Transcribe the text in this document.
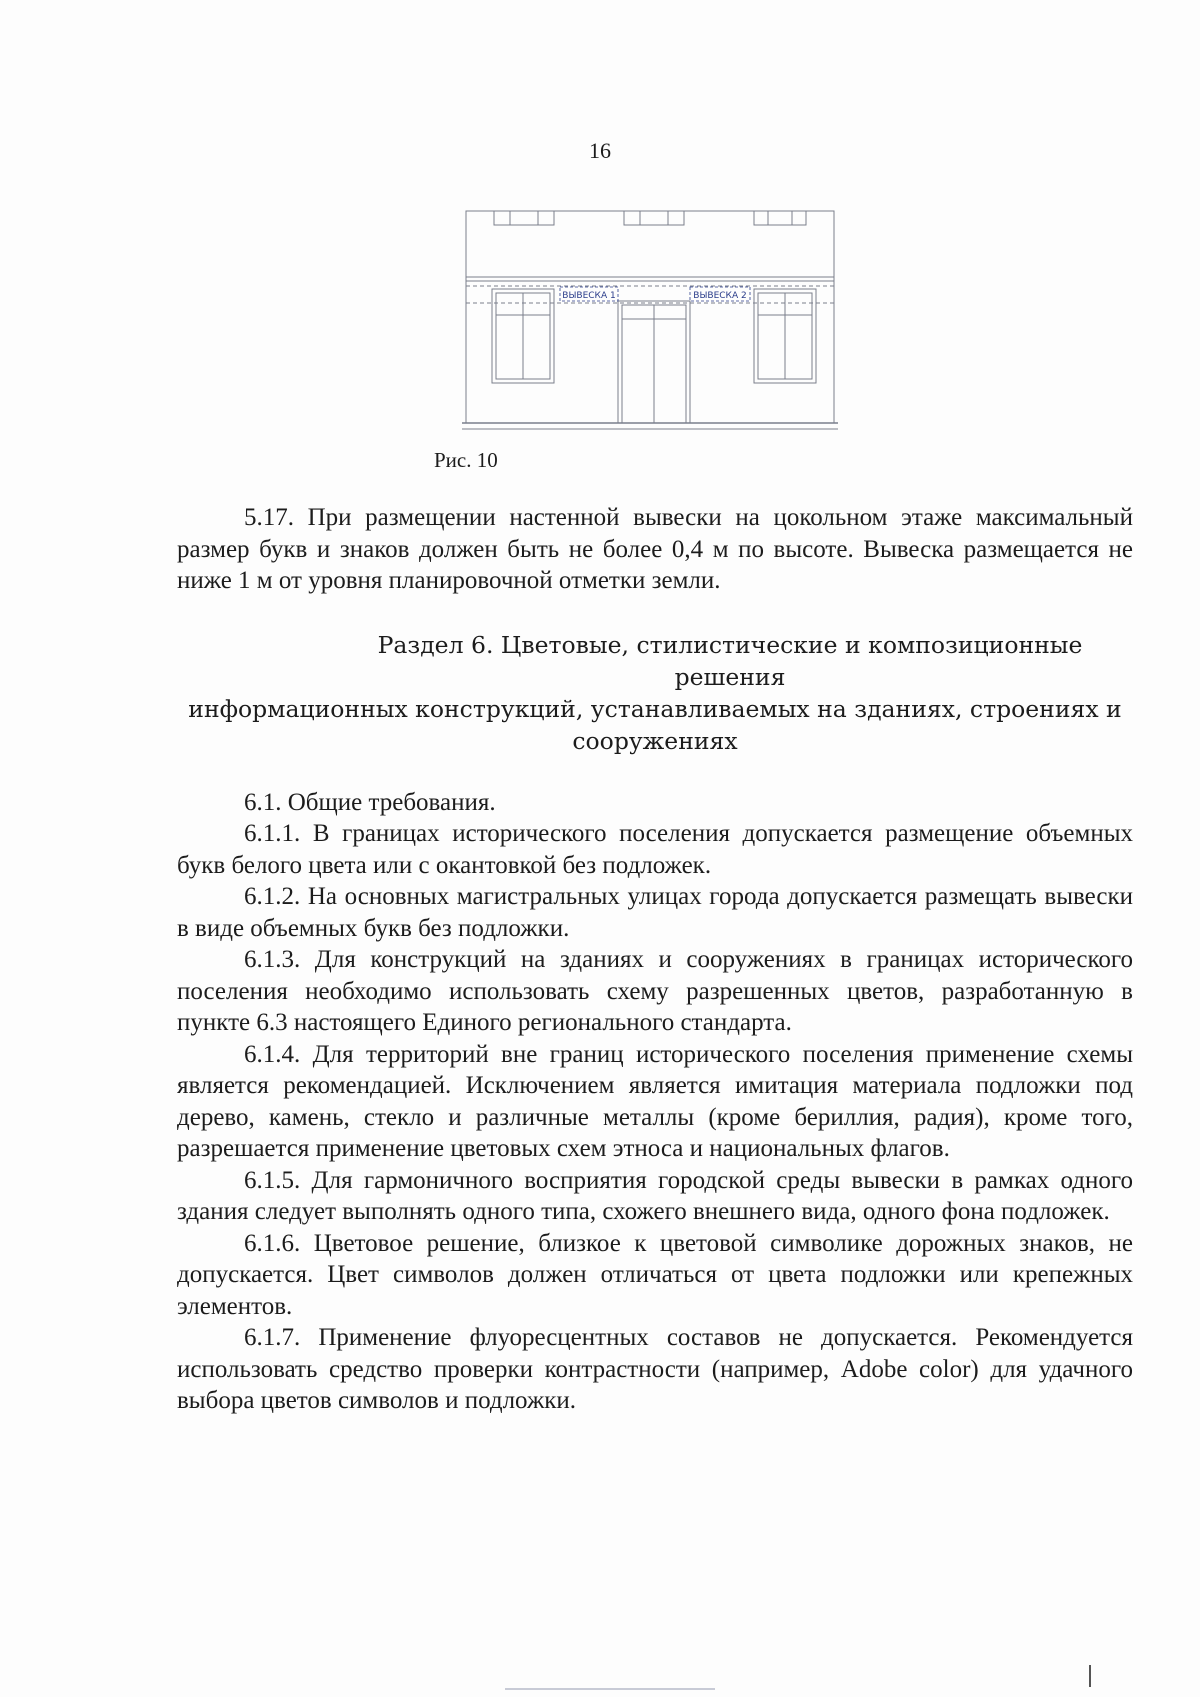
16
ВЫВЕСКА 1	ВЫВЕСКА 2
Рис. 10

5.17. При размещении настенной вывески на цокольном этаже максимальный размер букв и знаков должен быть не более 0,4 м по высоте. Вывеска размещается не ниже 1 м от уровня планировочной отметки земли.

Раздел 6. Цветовые, стилистические и композиционные решения
информационных конструкций, устанавливаемых на зданиях, строениях и
сооружениях

6.1. Общие требования.

6.1.1. В границах исторического поселения допускается размещение объемных букв белого цвета или с окантовкой без подложек.

6.1.2. На основных магистральных улицах города допускается размещать вывески в виде объемных букв без подложки.

6.1.3. Для конструкций на зданиях и сооружениях в границах исторического поселения необходимо использовать схему разрешенных цветов, разработанную в пункте 6.3 настоящего Единого регионального стандарта.

6.1.4. Для территорий вне границ исторического поселения применение схемы является рекомендацией. Исключением является имитация материала подложки под дерево, камень, стекло и различные металлы (кроме бериллия, радия), кроме того, разрешается применение цветовых схем этноса и национальных флагов.

6.1.5. Для гармоничного восприятия городской среды вывески в рамках одного здания следует выполнять одного типа, схожего внешнего вида, одного фона подложек.

6.1.6. Цветовое решение, близкое к цветовой символике дорожных знаков, не допускается. Цвет символов должен отличаться от цвета подложки или крепежных элементов.

6.1.7. Применение флуоресцентных составов не допускается. Рекомендуется использовать средство проверки контрастности (например, Adobe color) для удачного выбора цветов символов и подложки.
